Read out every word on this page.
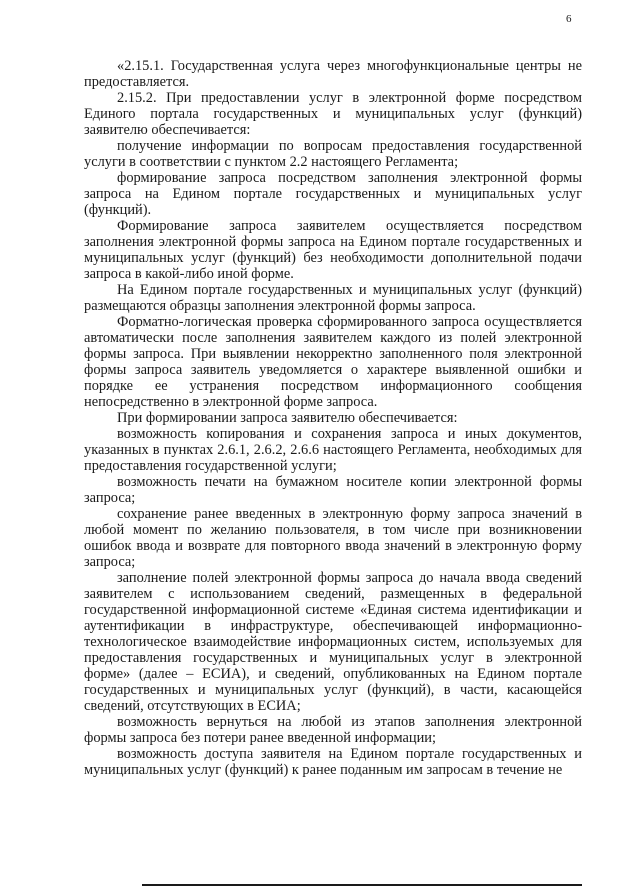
6

«2.15.1. Государственная услуга через многофункциональные центры не предоставляется.

2.15.2. При предоставлении услуг в электронной форме посредством Единого портала государственных и муниципальных услуг (функций) заявителю обеспечивается:

получение информации по вопросам предоставления государственной услуги в соответствии с пунктом 2.2 настоящего Регламента;

формирование запроса посредством заполнения электронной формы запроса на Едином портале государственных и муниципальных услуг (функций).

Формирование запроса заявителем осуществляется посредством заполнения электронной формы запроса на Едином портале государственных и муниципальных услуг (функций) без необходимости дополнительной подачи запроса в какой-либо иной форме.

На Едином портале государственных и муниципальных услуг (функций) размещаются образцы заполнения электронной формы запроса.

Форматно-логическая проверка сформированного запроса осуществляется автоматически после заполнения заявителем каждого из полей электронной формы запроса. При выявлении некорректно заполненного поля электронной формы запроса заявитель уведомляется о характере выявленной ошибки и порядке ее устранения посредством информационного сообщения непосредственно в электронной форме запроса.

При формировании запроса заявителю обеспечивается:

возможность копирования и сохранения запроса и иных документов, указанных в пунктах 2.6.1, 2.6.2, 2.6.6 настоящего Регламента, необходимых для предоставления государственной услуги;

возможность печати на бумажном носителе копии электронной формы запроса;

сохранение ранее введенных в электронную форму запроса значений в любой момент по желанию пользователя, в том числе при возникновении ошибок ввода и возврате для повторного ввода значений в электронную форму запроса;

заполнение полей электронной формы запроса до начала ввода сведений заявителем с использованием сведений, размещенных в федеральной государственной информационной системе «Единая система идентификации и аутентификации в инфраструктуре, обеспечивающей информационно-технологическое взаимодействие информационных систем, используемых для предоставления государственных и муниципальных услуг в электронной форме» (далее – ЕСИА), и сведений, опубликованных на Едином портале государственных и муниципальных услуг (функций), в части, касающейся сведений, отсутствующих в ЕСИА;

возможность вернуться на любой из этапов заполнения электронной формы запроса без потери ранее введенной информации;

возможность доступа заявителя на Едином портале государственных и муниципальных услуг (функций) к ранее поданным им запросам в течение не
